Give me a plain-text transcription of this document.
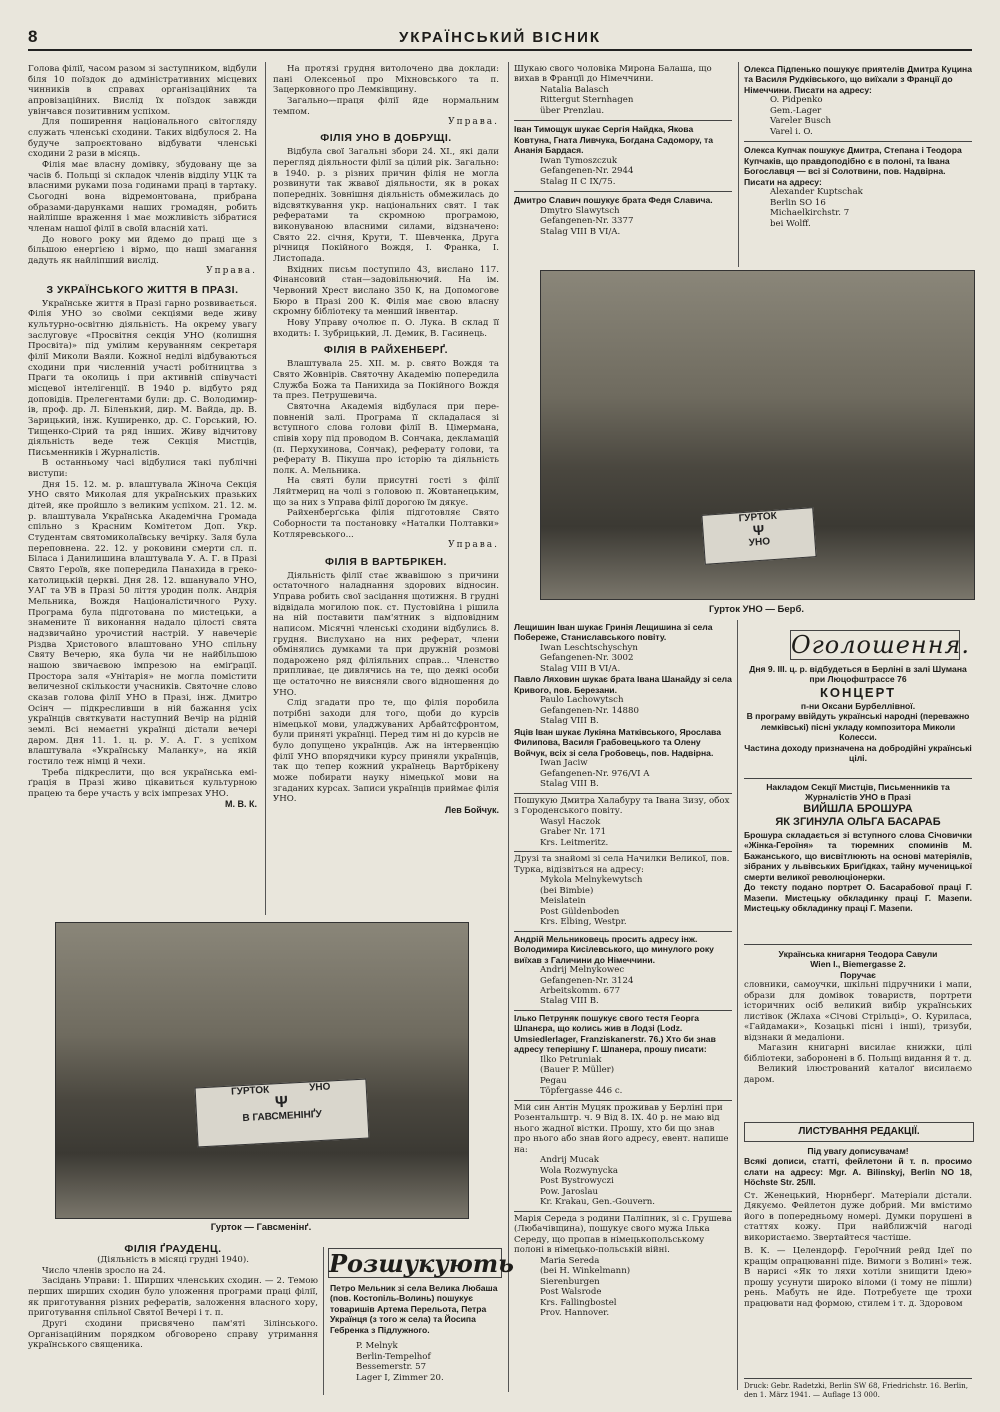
8	УКРАЇНСЬКИЙ ВІСНИК

Голова філії, часом разом зі заступником, відбули біля 10 поїздок до адміністративних місцевих чинників в справах організаційних та апровізаційних. Вислід їх поїздок завжди увінчався позитивним успіхом.

Для поширення національного світогляду служать членські сходини. Таких відбулося 2. На будуче запроєктовано відбувати членські сходини 2 рази в місяць.

Філія має власну домівку, збудовану ще за часів б. Польщі зі складок членів відділу УЦК та власними руками поза годинами праці в тартаку. Сьогодні вона відремонтована, прибрана образами-дарунками наших громадян, робить найліпше враження і має можливість зібратися членам нашої філії в своїй власній хаті.

До нового року ми йдемо до праці ще з більшою енергією і вірмо, що наші змагання дадуть як найліпший вислід.

Управа.
З УКРАЇНСЬКОГО ЖИТТЯ В ПРАЗІ.

Українське життя в Празі гарно розвивається. Філія УНО зо своїми секціями веде живу культурно-освітню діяльність. На окрему увагу заслуговує «Просвітня секція УНО (колишня Просвіта)» під умілим керуванням секретаря філії Миколи Ваяли. Кожної неділі відбуваються сходини при численній участі робітництва з Праги та околиць і при активній співучасті місцевої інтелігенції. В 1940 р. відбуто ряд доповідів. Прелегентами були: др. С. Володимирів, проф. др. Л. Біленький, дир. М. Вайда, др. В. Зарицький, інж. Куширенко, др. С. Горський, Ю. Тищенко-Сірий та ряд інших. Живу відчитову діяльність веде теж Секція Мистців, Письменників і Журналістів.

В останньому часі відбулися такі публічні виступи:

Дня 15. 12. м. р. влаштувала Жіноча Секція УНО свято Миколая для українських празьких дітей, яке пройшло з великим успіхом. 21. 12. м. р. влаштувала Українська Академічна Громада спільно з Красним Комітетом Доп. Укр. Студентам святомиколаївську вечірку. Заля була переповнена. 22. 12. у роковини смерти сл. п. Біласа і Данилишина влаштувала У. А. Г. в Празі Свято Героїв, яке попередила Панахида в греко-католицькій церкві. Дня 28. 12. вшанувало УНО, УАГ та УВ в Празі 50 ліття уродин полк. Андрія Мельника, Вождя Націоналістичного Руху. Програма була підготована по мистецьки, а знамените її виконання надало цілості свята надзвичайно урочистий настрій. У навечеріє Різдва Христового влаштовано УНО спільну Святу Вечерю, яка була чи не найбільшою нашою звичаєвою імпрезою на еміґрації. Простора заля «Унітарія» не могла помістити величезної скількости учасників. Святочне слово сказав голова філії УНО в Празі, інж. Дмитро Осінч — підкресливши в ній бажання усіх українців святкувати наступний Вечір на рідній землі. Всі немаєтні українці дістали вечері даром. Дня 11. 1. ц. р. У. А. Г. з успіхом влаштувала «Українську Маланку», на якій гостило теж німці й чехи.

Треба підкреслити, що вся українська еміґрація в Празі живо цікавиться культурною працею та бере участь у всіх імпрезах УНО.

М. В. К.

На протязі грудня витолочено два доклади: пані Олексеньої про Міхновського та п. Зацерковного про Лемківщину.

Загально—праця філії йде нормальним темпом.

Управа.
ФІЛІЯ УНО В ДОБРУЩІ.

Відбула свої Загальні збори 24. XI., які дали перегляд діяльности філії за цілий рік. Загально: в 1940. р. з різних причин філія не могла розвинути так жвавої діяльности, як в роках попередніх. Зовнішня діяльність обмежилась до відсвяткування укр. національних свят. І так рефератами та скромною програмою, виконуваною власними силами, відзначено: Свято 22. січня, Крути, Т. Шевченка, Друга річниця Покійного Вождя, І. Франка, І. Листопада.

Вхідних письм поступило 43, вислано 117. Фінансовий стан—задовільнючий. На ім. Червоний Хрест вислано 350 К, на Допомогове Бюро в Празі 200 К. Філія має свою власну скромну бібліотеку та менший інвентар.

Нову Управу очолює п. О. Лука. В склад її входить: І. Зубрицький, Л. Демик, В. Гасинець.

ФІЛІЯ В РАЙХЕНБЕРҐ.

Влаштувала 25. XII. м. р. свято Вождя та Свято Жовнірів. Святочну Академію попередила Служба Божа та Панихида за Покійного Вождя та през. Петрушевича.

Святочна Академія відбулася при переповненій залі. Програма її складалася зі вступного слова голови філії В. Цімермана, співів хору під проводом В. Сончака, декламацій (п. Перхухинова, Сончак), реферату голови, та реферату В. Пікуша про історію та діяльність полк. А. Мельника.

На святі були присутні гості з філії Ляйтмериц на чолі з головою п. Жовтанецьким, що за них з Управа філії дорогою їм дякує.

Райхенберґська філія підготовляє Свято Соборности та постановку «Наталки Полтавки» Котляревського...

Управа.
ФІЛІЯ В ВАРТБРІКЕН.

Діяльність філії стає жвавішою з причини остаточного наладнання здорових відносин. Управа робить свої засідання щотижня. В грудні відвідала могилою пок. ст. Пустовійна і рішила на ній поставити пам'ятник з відповідним написом. Місячні членські сходини відбулись 8. грудня. Вислухано на них реферат, члени обмінялись думками та при дружній розмові подарожено ряд філіяльних справ... Членство припливає, це дивлячись на те, що деякі особи ще остаточно не виясняли свого відношення до УНО.

Слід згадати про те, що філія поробила потрібні заходи для того, щоби до курсів німецької мови, уладжуваних Арбайтсфронтом, були приняті українці. Перед тим ні до курсів не було допущено українців. Аж на інтервенцію філії УНО впорядчики курсу приняли українців, так що тепер кожний українець Вартбрікену може побирати науку німецької мови на згаданих курсах. Записи українців приймає філія УНО.

Лев Бойчук.
ГУРТОК	УНО
Ψ
В ГАВСМЕНІНҐУ
Гурток — Гавсменінґ.
ФІЛІЯ ҐРАУДЕНЦ.
(Діяльність в місяці грудні 1940).

Число членів зросло на 24.

Засідань Управи: 1. Ширших членських сходин. — 2. Темою перших ширших сходин було уложення програми праці філії, як приготування різних рефератів, заложення власного хору, приготування спільної Святої Вечері і т. п.

Другі сходини присвячено пам'яті Зілінського. Організаційним порядком обговорено справу утримання українського священика.

Розшукують
Петро Мельник зі села Велика Любаша (пов. Костопіль-Волинь) пошукує товаришів Артема Перельота, Петра Українця (з того ж села) та Йосипа Гебренка з Підлужного.
P. Melnyk
Berlin-Tempelhof
Bessemerstr. 57
Lager I, Zimmer 20.
Шукаю свого чоловіка Мирона Балаша, що вихав в Францїі до Німеччини.
Natalia Balasch
Rittergut Sternhagen
über Prenzlau.
Іван Тимощук шукає Сергія Найдка, Якова Ковтуна, Гната Ливчука, Богдана Садомору, та Ананія Бардася.
Iwan Tymoszczuk
Gefangenen-Nr. 2944
Stalag II C IX/75.
Дмитро Славич пошукує брата Федя Славича.
Dmytro Slawytsch
Gefangenen-Nr. 3377
Stalag VIII B VI/A.
ГУРТОК
Ψ
УНО
Гурток УНО — Берб.
Лещишин Іван шукає Гринія Лещишина зі села Побереже, Станиславського повіту.
Iwan Leschtschyschyn
Gefangenen-Nr. 3002
Stalag VIII B VI/A.
Павло Ляховин шукає брата Івана Шанайду зі села Кривого, пов. Березани.
Paulo Lachowytsch
Gefangenen-Nr. 14880
Stalag VIII B.
Яців Іван шукає Лукіяна Матківського, Ярослава Филипова, Василя Грабовецького та Олену Войчук, всіх зі села Гробовець, пов. Надвірна.
Iwan Jaciw
Gefangenen-Nr. 976/VI A
Stalag VIII B.
Пошукую Дмитра Халабуру та Івана Зизу, обох з Городенського повіту.
Wasyl Haczok
Graber Nr. 171
Krs. Leitmeritz.
Друзі та знайомі зі села Начилки Великої, пов. Турка, відізвіться на адресу:
Mykola Melnykewytsch
(bei Bimbie)
Meislatein
Post Güldenboden
Krs. Elbing, Westpr.
Андрій Мельниковець просить адресу інж. Володимира Кисілевського, що минулого року виїхав з Галичини до Німеччини.
Andrij Melnykowec
Gefangenen-Nr. 3124
Arbeitskomm. 677
Stalag VIII B.
Ілько Петруняк пошукує свого тестя Георга Шпанєра, що колись жив в Лодзі (Lodz. Umsiedlerlager, Franziskanerstr. 76.) Хто би знав адресу теперішну Г. Шпанера, прошу писати:
Ilko Petruniak
(Bauer P. Müller)
Pegau
Töpfergasse 446 с.
Мій син Антін Муцяк проживав у Берліні при Розентальштр. ч. 9 Від 8. IX. 40 р. не маю від нього жадної вістки. Прошу, хто би що знав про нього або знав його адресу, евент. напише на:
Andrij Mucak
Wola Rozwynycka
Post Bystrowyczi
Pow. Jaroslau
Kr. Krakau, Gen.-Gouvern.
Марія Середа з родини Паліпник, зі с. Грушева (Любачівщина), пошукує свого мужа Ілька Середу, що пропав в німецькопольському полоні в німецько-польській війні.
Maria Sereda
(bei H. Winkelmann)
Sierenburgen
Post Walsrode
Krs. Fallingbostel
Prov. Hannover.
Олекса Підпенько пошукує приятелів Дмитра Куцина та Василя Рудківського, що виїхали з Франції до Німеччини. Писати на адресу:
O. Pidpenko
Gem.-Lager
Vareler Busch
Varel i. O.
Олекса Купчак пошукує Дмитра, Степана і Теодора Купчаків, що правдоподібно є в полоні, та Івана Богославця — всі зі Солотвини, пов. Надвірна. Писати на адресу:
Alexander Kuptschak
Berlin SO 16
Michaelkirchstr. 7
bei Wolff.
Оголошення.
Дня 9. III. ц. р. відбудеться в Берліні в залі Шумана при Люцофштрассе 76
КОНЦЕРТ
п-ни Оксани Бурбеллівної.
В програму ввійдуть українські народні (переважно лемківські) пісні укладу композитора Миколи Колесси.
Частина доходу призначена на добродійні українські цілі.
Накладом Секції Мистців, Письменників та Журналістів УНО в Празі
ВИЙШЛА БРОШУРА
ЯК ЗГИНУЛА ОЛЬГА БАСАРАБ
Брошура складається зі вступного слова Січовички «Жінка-Героїня» та тюремних споминів М. Бажанського, що висвітлюють на основі матеріялів, зібраних у львівських Бриґідках, тайну мученицької смерти великої революціонерки.
До тексту подано портрет О. Басарабової праці Г. Мазепи. Мистецьку обкладинку праці Г. Мазепи. Мистецьку обкладинку праці Г. Мазепи.
Українська книгарня Теодора Савули
Wien I., Biemergasse 2.
Поручає
словники, самоучки, шкільні підручники і мапи, образи для домівок товариств, портрети історичних осіб великий вибір українських листівок (Жлаха «Січові Стрільці», О. Куриласа, «Гайдамаки», Козацькі пісні і інші), тризуби, відзнаки й медаліони.
Магазин книгарні висилає книжки, цілі бібліотеки, заборонені в б. Польщі видання й т. д.
Великий ілюстрований каталоґ висилаємо даром.
ЛИСТУВАННЯ РЕДАКЦІЇ.
Під увагу дописувачам!
Всякі дописи, статті, фейлетони й т. п. просимо слати на адресу: Mgr. A. Bilinskyj, Berlin NO 18, Höchste Str. 25/II.
Ст. Женецький, Нюрнберґ. Матеріали дістали. Дякуємо. Фейлетон дуже добрий. Ми вмістимо його в попередньому номері. Думки порушені в статтях кожу. При найближчій нагоді використаємо. Звертайтеся частіше.
В. К. — Целендорф. Героїчний рейд Ідеї по кращім опрацюванні піде. Вимоги з Волині» теж. В нарисі «Як то ляхи хотіли знищити Ідею» прошу усунути широко віломи (і тому не пішли) рень. Мабуть не йде. Потребуєте ще трохи працювати над формою, стилем і т. д. Здоровом
Druck: Gebr. Radetzki, Berlin SW 68, Friedrichstr. 16. Berlin, den 1. März 1941. — Auflage 13 000.
